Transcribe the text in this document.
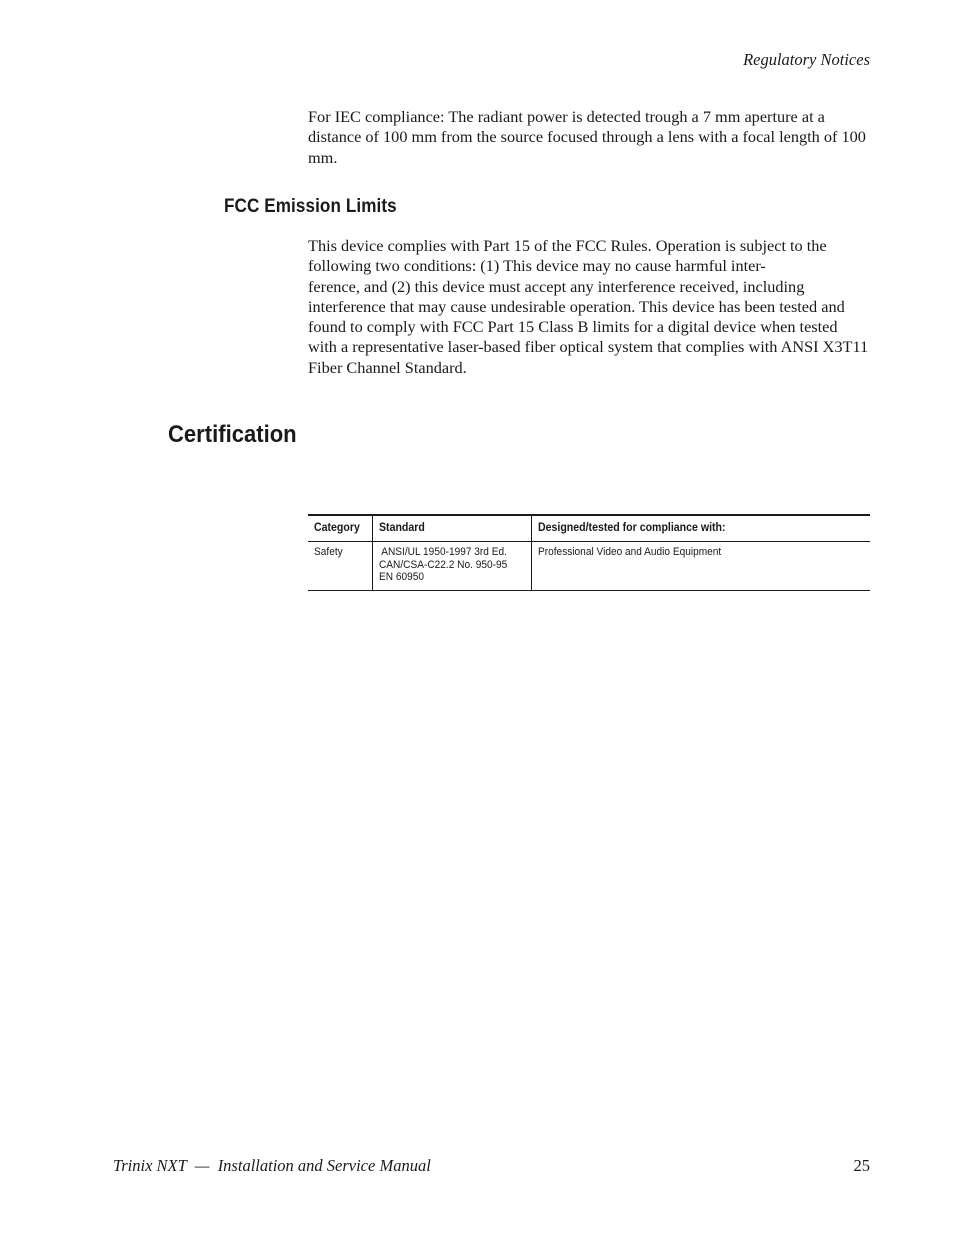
Regulatory Notices

For IEC compliance: The radiant power is detected trough a 7 mm aperture at a distance of 100 mm from the source focused through a lens with a focal length of 100 mm.

FCC Emission Limits

This device complies with Part 15 of the FCC Rules. Operation is subject to the following two conditions: (1) This device may no cause harmful inter-
ference, and (2) this device must accept any interference received, including interference that may cause undesirable operation. This device has been tested and found to comply with FCC Part 15 Class B limits for a digital device when tested with a representative laser-based fiber optical system that complies with ANSI X3T11 Fiber Channel Standard.

Certification
Category	Standard	Designed/tested for compliance with:
Safety	ANSI/UL 1950-1997 3rd Ed.
CAN/CSA-C22.2 No. 950-95
EN 60950	Professional Video and Audio Equipment
Trinix NXT  —  Installation and Service Manual	25
